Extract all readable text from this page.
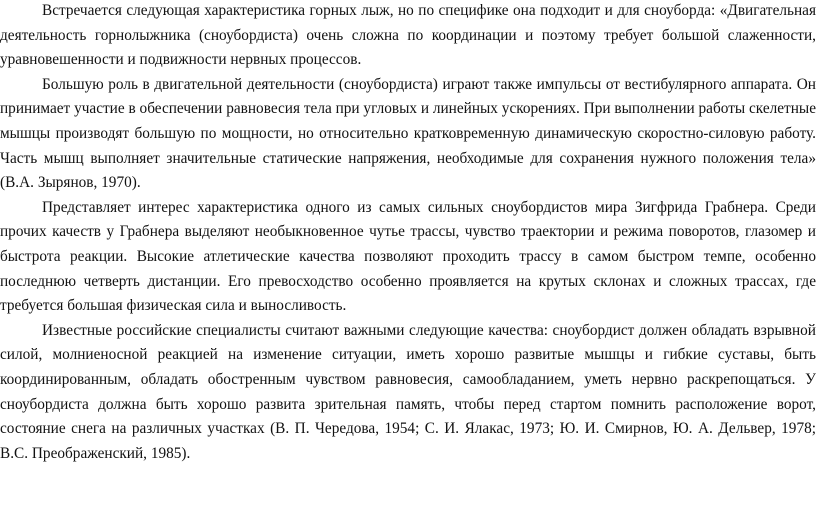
Встречается следующая характеристика горных лыж, но по специфике она подходит и для сноуборда: «Двигательная деятельность горнолыжника (сноубордиста) очень сложна по координации и поэтому требует большой слаженности, уравновешенности и подвижности нервных процессов.

Большую роль в двигательной деятельности (сноубордиста) играют также импульсы от вестибулярного аппарата. Он принимает участие в обеспечении равновесия тела при угловых и линейных ускорениях. При выполнении работы скелетные мышцы производят большую по мощности, но относительно кратковременную динамическую скоростно-силовую работу. Часть мышц выполняет значительные статические напряжения, необходимые для сохранения нужного положения тела» (В.А. Зырянов, 1970).

Представляет интерес характеристика одного из самых сильных сноубордистов мира Зигфрида Грабнера. Среди прочих качеств у Грабнера выделяют необыкновенное чутье трассы, чувство траектории и режима поворотов, глазомер и быстрота реакции. Высокие атлетические качества позволяют проходить трассу в самом быстром темпе, особенно последнюю четверть дистанции. Его превосходство особенно проявляется на крутых склонах и сложных трассах, где требуется большая физическая сила и выносливость.

Известные российские специалисты считают важными следующие качества: сноубордист должен обладать взрывной силой, молниеносной реакцией на изменение ситуации, иметь хорошо развитые мышцы и гибкие суставы, быть координированным, обладать обостренным чувством равновесия, самообладанием, уметь нервно раскрепощаться. У сноубордиста должна быть хорошо развита зрительная память, чтобы перед стартом помнить расположение ворот, состояние снега на различных участках (В. П. Чередова, 1954; С. И. Ялакас, 1973; Ю. И. Смирнов, Ю. А. Дельвер, 1978; В.С. Преображенский, 1985).
